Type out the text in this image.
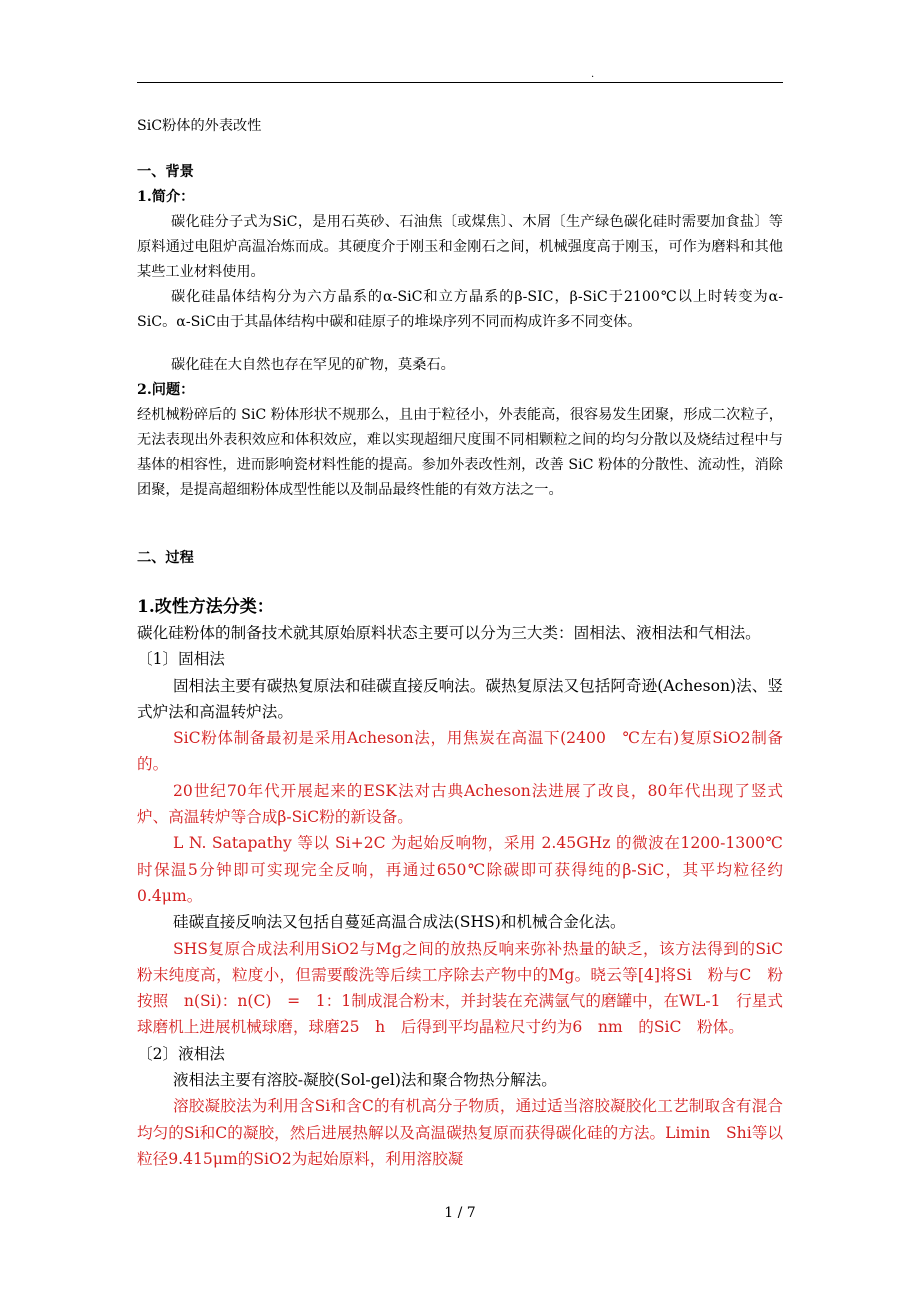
.

SiC粉体的外表改性

一、背景

1.简介：

碳化硅分子式为SiC，是用石英砂、石油焦〔或煤焦〕、木屑〔生产绿色碳化硅时需要加食盐〕等原料通过电阻炉高温冶炼而成。其硬度介于刚玉和金刚石之间，机械强度高于刚玉，可作为磨料和其他某些工业材料使用。

碳化硅晶体结构分为六方晶系的α-SiC和立方晶系的β-SIC，β-SiC于2100℃以上时转变为α-SiC。α-SiC由于其晶体结构中碳和硅原子的堆垛序列不同而构成许多不同变体。

碳化硅在大自然也存在罕见的矿物，莫桑石。

2.问题：

经机械粉碎后的 SiC 粉体形状不规那么，且由于粒径小，外表能高，很容易发生团聚，形成二次粒子，无法表现出外表积效应和体积效应，难以实现超细尺度围不同相颗粒之间的均匀分散以及烧结过程中与基体的相容性，进而影响瓷材料性能的提高。参加外表改性剂，改善 SiC 粉体的分散性、流动性，消除团聚，是提高超细粉体成型性能以及制品最终性能的有效方法之一。

二、过程

1.改性方法分类：

碳化硅粉体的制备技术就其原始原料状态主要可以分为三大类：固相法、液相法和气相法。

〔1〕固相法

固相法主要有碳热复原法和硅碳直接反响法。碳热复原法又包括阿奇逊(Acheson)法、竖式炉法和高温转炉法。

SiC粉体制备最初是采用Acheson法，用焦炭在高温下(2400　℃左右)复原SiO2制备的。

20世纪70年代开展起来的ESK法对古典Acheson法进展了改良，80年代出现了竖式炉、高温转炉等合成β-SiC粉的新设备。

L N. Satapathy 等以 Si+2C 为起始反响物，采用 2.45GHz 的微波在1200-1300℃时保温5分钟即可实现完全反响，再通过650℃除碳即可获得纯的β-SiC，其平均粒径约0.4μm。

硅碳直接反响法又包括自蔓延高温合成法(SHS)和机械合金化法。

SHS复原合成法利用SiO2与Mg之间的放热反响来弥补热量的缺乏，该方法得到的SiC粉末纯度高，粒度小，但需要酸洗等后续工序除去产物中的Mg。晓云等[4]将Si　粉与C　粉按照　n(Si)：n(C)　=　1：1制成混合粉末，并封装在充满氩气的磨罐中，在WL-1　行星式球磨机上进展机械球磨，球磨25　h　后得到平均晶粒尺寸约为6　nm　的SiC　粉体。

〔2〕液相法

液相法主要有溶胶-凝胶(Sol-gel)法和聚合物热分解法。

溶胶凝胶法为利用含Si和含C的有机高分子物质，通过适当溶胶凝胶化工艺制取含有混合均匀的Si和C的凝胶，然后进展热解以及高温碳热复原而获得碳化硅的方法。Limin　Shi等以粒径9.415μm的SiO2为起始原料，利用溶胶凝

1 / 7
